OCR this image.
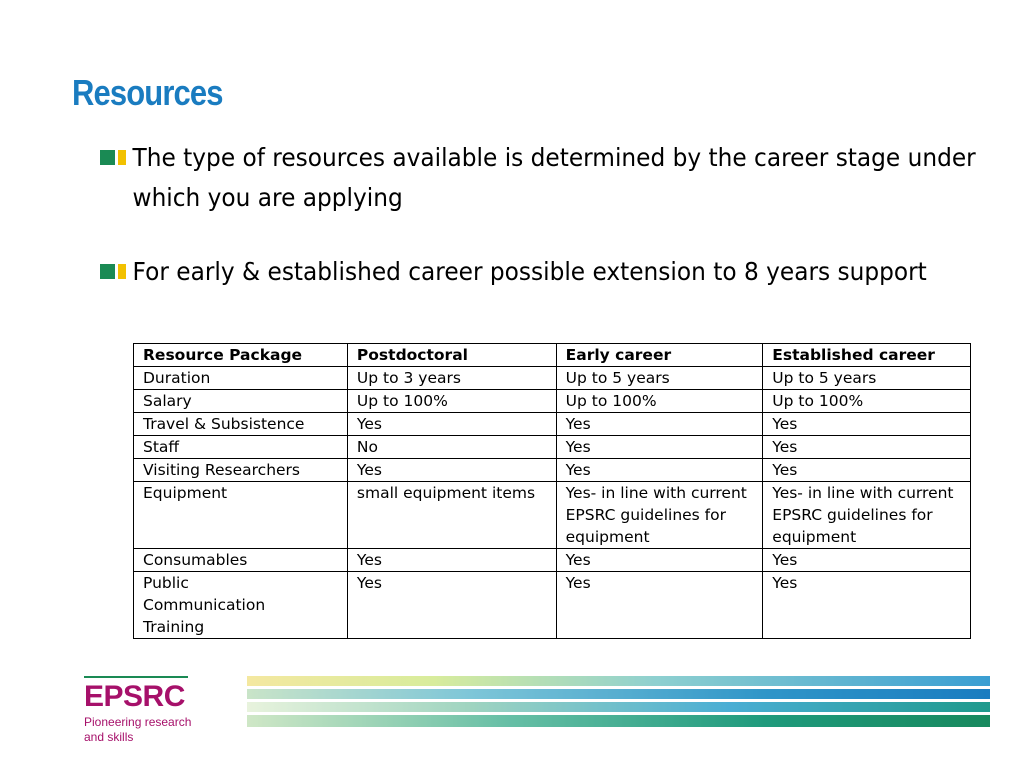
Resources
The type of resources available is determined by the career stage under which you are applying
For early & established career possible extension to 8 years support
Resource Package	Postdoctoral	Early career	Established career
Duration	Up to 3 years	Up to 5 years	Up to 5 years
Salary	Up to 100%	Up to 100%	Up to 100%
Travel & Subsistence	Yes	Yes	Yes
Staff	No	Yes	Yes
Visiting Researchers	Yes	Yes	Yes
Equipment	small equipment items	Yes- in line with current EPSRC guidelines for equipment	Yes- in line with current EPSRC guidelines for equipment
Consumables	Yes	Yes	Yes
Public Communication Training	Yes	Yes	Yes
EPSRC
Pioneering research
and skills
